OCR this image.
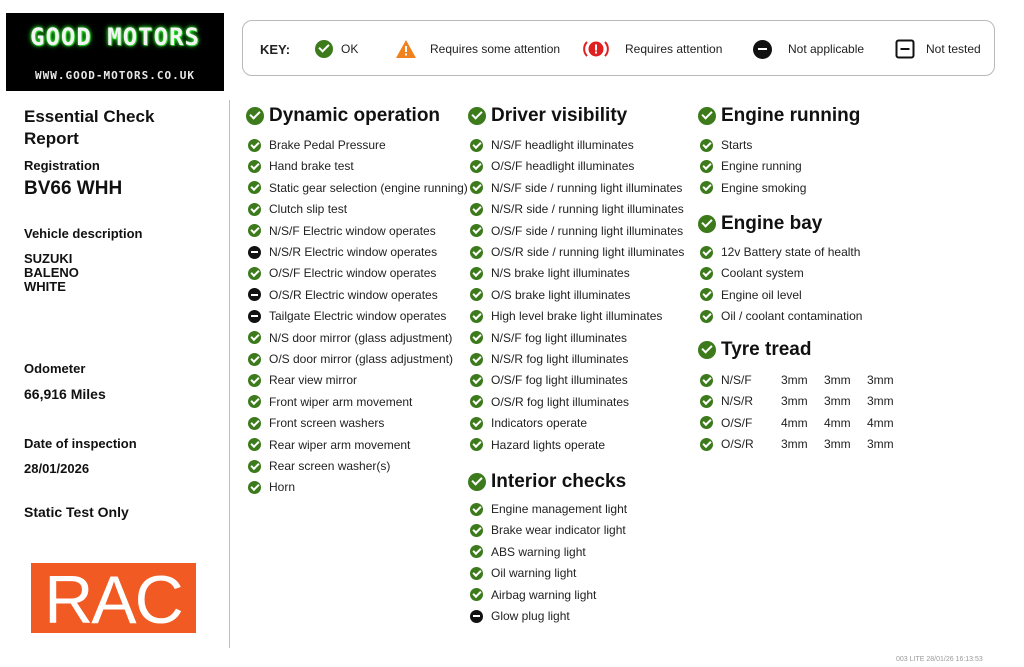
GOOD MOTORS
WWW.GOOD-MOTORS.CO.UK
KEY:	OK	Requires some attention	Requires attention	Not applicable	Not tested
Essential Check Report
Registration
BV66 WHH
Vehicle description
SUZUKI
BALENO
WHITE
Odometer
66,916 Miles
Date of inspection
28/01/2026
Static Test Only
RAC
Dynamic operation
Brake Pedal Pressure
Hand brake test
Static gear selection (engine running)
Clutch slip test
N/S/F Electric window operates
N/S/R Electric window operates
O/S/F Electric window operates
O/S/R Electric window operates
Tailgate Electric window operates
N/S door mirror (glass adjustment)
O/S door mirror (glass adjustment)
Rear view mirror
Front wiper arm movement
Front screen washers
Rear wiper arm movement
Rear screen washer(s)
Horn
Driver visibility
N/S/F headlight illuminates
O/S/F headlight illuminates
N/S/F side / running light illuminates
N/S/R side / running light illuminates
O/S/F side / running light illuminates
O/S/R side / running light illuminates
N/S brake light illuminates
O/S brake light illuminates
High level brake light illuminates
N/S/F fog light illuminates
N/S/R fog light illuminates
O/S/F fog light illuminates
O/S/R fog light illuminates
Indicators operate
Hazard lights operate
Interior checks
Engine management light
Brake wear indicator light
ABS warning light
Oil warning light
Airbag warning light
Glow plug light
Engine running
Starts
Engine running
Engine smoking
Engine bay
12v Battery state of health
Coolant system
Engine oil level
Oil / coolant contamination
Tyre tread
N/S/F	3mm	3mm	3mm
N/S/R	3mm	3mm	3mm
O/S/F	4mm	4mm	4mm
O/S/R	3mm	3mm	3mm
003 LITE 28/01/26 16:13:53
